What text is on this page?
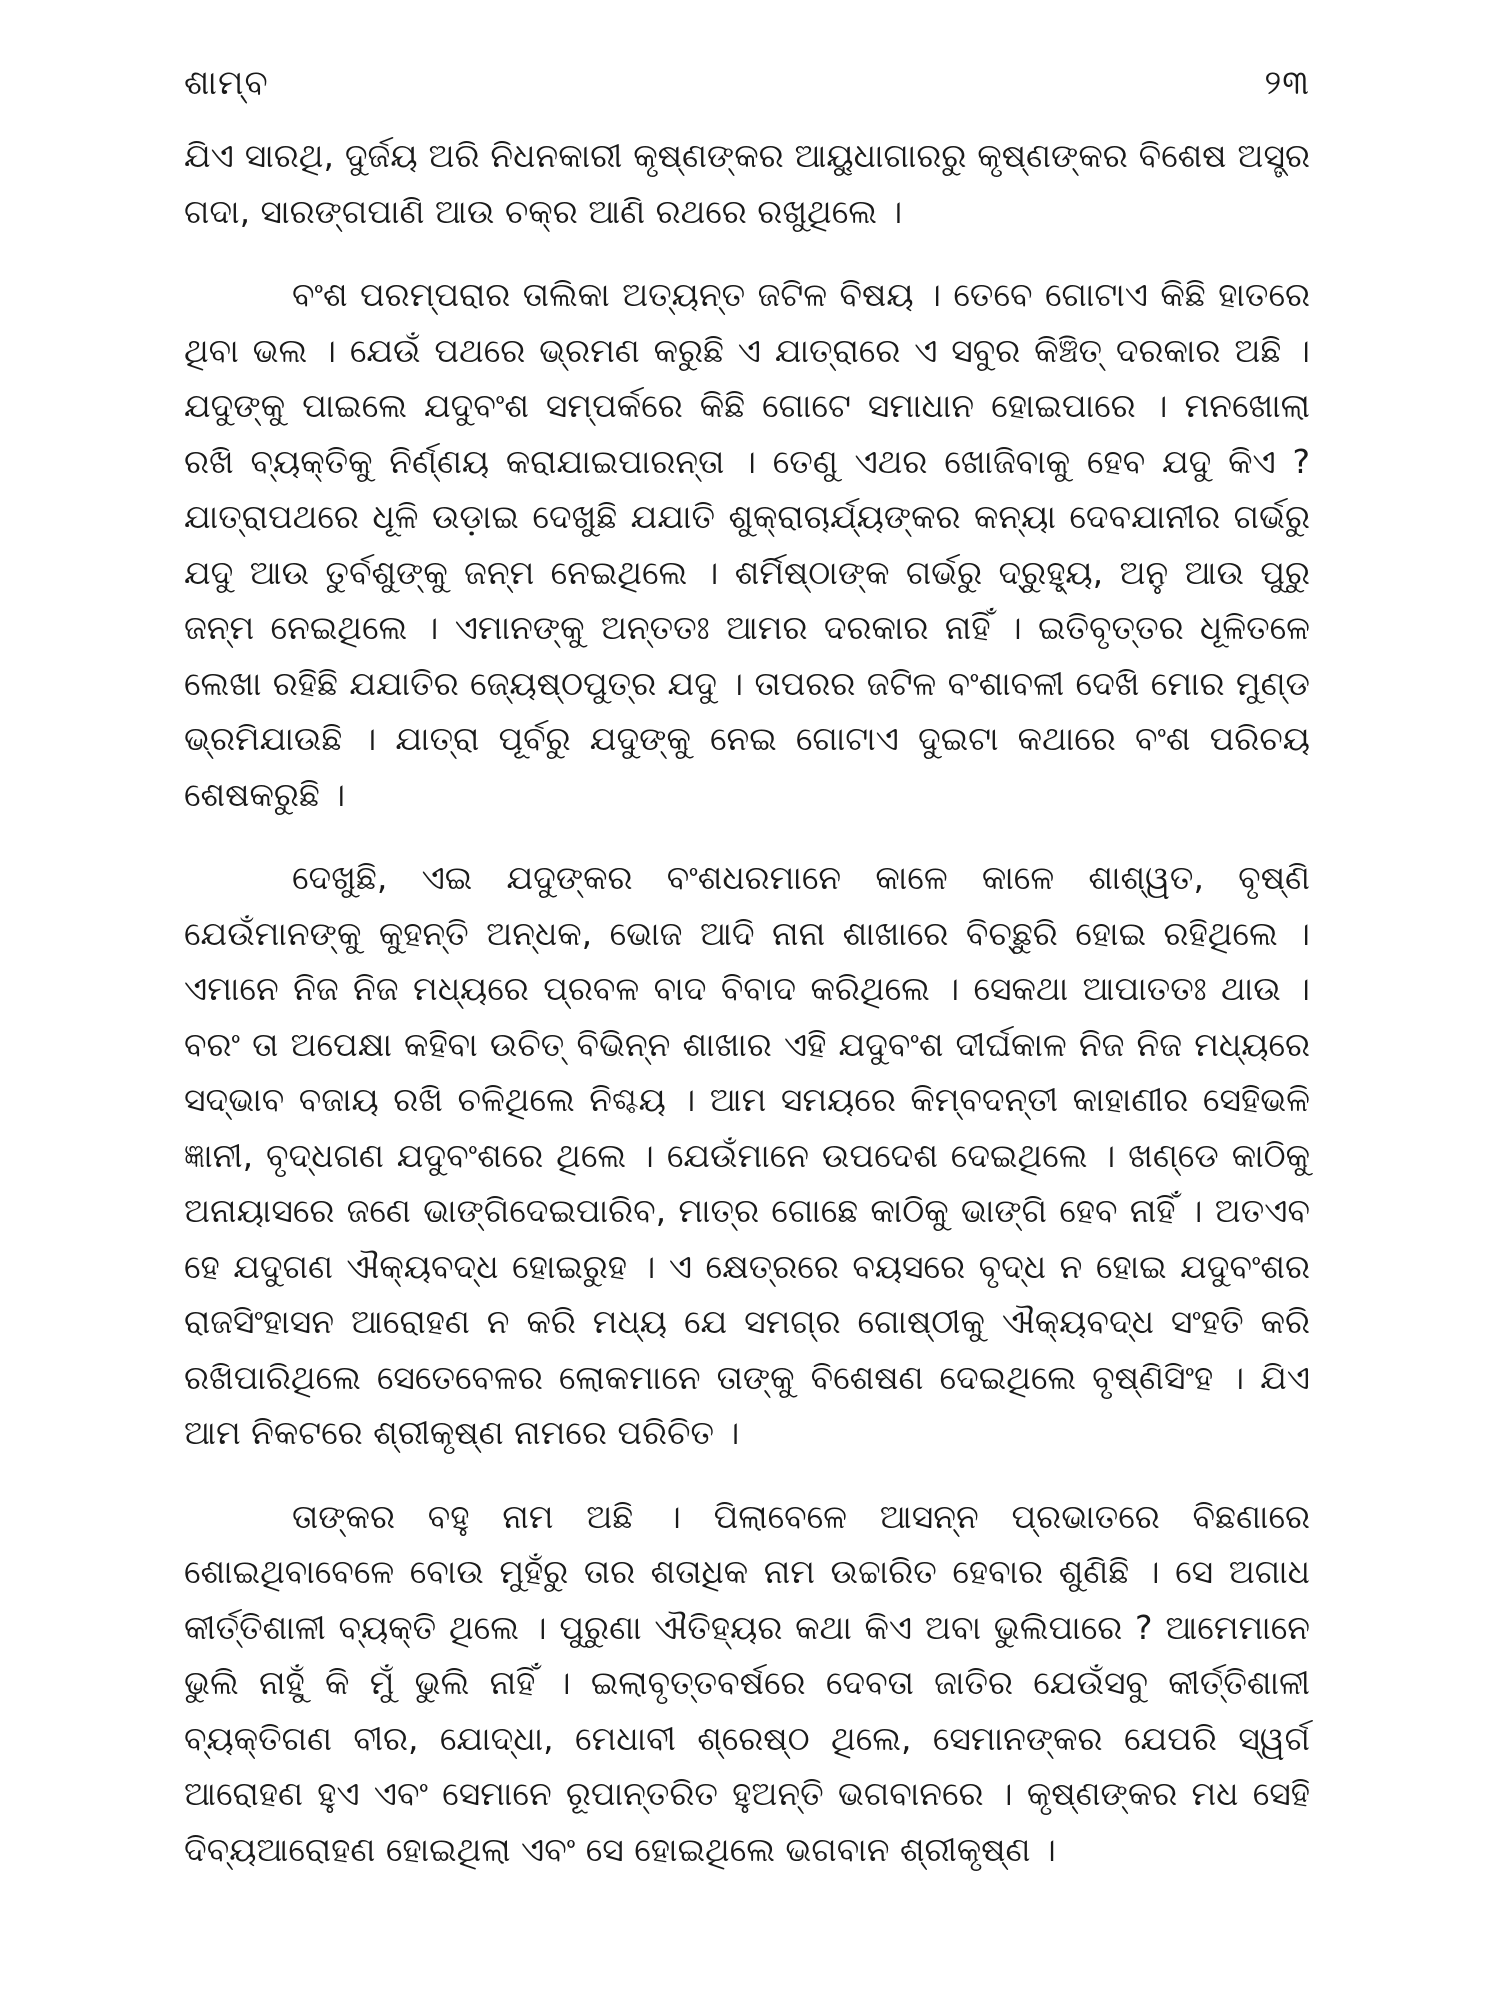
ଶାମ୍ବ	୨୩

ଯିଏ ସାରଥି, ଦୁର୍ଜୟ ଅରି ନିଧନକାରୀ କୃଷ୍ଣଙ୍କର ଆୟୁଧାଗାରରୁ କୃଷ୍ଣଙ୍କର ବିଶେଷ ଅସ୍ତ୍ର ଗଦା, ସାରଙ୍ଗପାଣି ଆଉ ଚକ୍ର ଆଣି ରଥରେ ରଖୁଥିଲେ ।

ବଂଶ ପରମ୍ପରାର ତାଲିକା ଅତ୍ୟନ୍ତ ଜଟିଳ ବିଷୟ । ତେବେ ଗୋଟାଏ କିଛି ହାତରେ ଥିବା ଭଲ । ଯେଉଁ ପଥରେ ଭ୍ରମଣ କରୁଛି ଏ ଯାତ୍ରାରେ ଏ ସବୁର କିଞ୍ଚିତ୍ ଦରକାର ଅଛି । ଯଦୁଙ୍କୁ ପାଇଲେ ଯଦୁବଂଶ ସମ୍ପର୍କରେ କିଛି ଗୋଟେ ସମାଧାନ ହୋଇପାରେ । ମନଖୋଲା ରଖି ବ୍ୟକ୍ତିକୁ ନିର୍ଣ୍ଣୟ କରାଯାଇପାରନ୍ତା । ତେଣୁ ଏଥର ଖୋଜିବାକୁ ହେବ ଯଦୁ କିଏ ? ଯାତ୍ରାପଥରେ ଧୂଳି ଉଡ଼ାଇ ଦେଖୁଛି ଯଯାତି ଶୁକ୍ରାଚାର୍ଯ୍ୟଙ୍କର କନ୍ୟା ଦେବଯାନୀର ଗର୍ଭରୁ ଯଦୁ ଆଉ ତୁର୍ବଶୁଙ୍କୁ ଜନ୍ମ ନେଇଥିଲେ । ଶର୍ମିଷ୍ଠାଙ୍କ ଗର୍ଭରୁ ଦ୍ରୁହ୍ୟୁ, ଅନୁ ଆଉ ପୁରୁ ଜନ୍ମ ନେଇଥିଲେ । ଏମାନଙ୍କୁ ଅନ୍ତତଃ ଆମର ଦରକାର ନାହିଁ । ଇତିବୃତ୍ତର ଧୂଳିତଳେ ଲେଖା ରହିଛି ଯଯାତିର ଜ୍ୟେଷ୍ଠପୁତ୍ର ଯଦୁ । ତାପରର ଜଟିଳ ବଂଶାବଳୀ ଦେଖି ମୋର ମୁଣ୍ଡ ଭ୍ରମିଯାଉଛି । ଯାତ୍ରା ପୂର୍ବରୁ ଯଦୁଙ୍କୁ ନେଇ ଗୋଟାଏ ଦୁଇଟା କଥାରେ ବଂଶ ପରିଚୟ ଶେଷକରୁଛି ।

ଦେଖୁଛି, ଏଇ ଯଦୁଙ୍କର ବଂଶଧରମାନେ କାଳେ କାଳେ ଶାଶ୍ୱତ, ବୃଷ୍ଣି ଯେଉଁମାନଙ୍କୁ କୁହନ୍ତି ଅନ୍ଧକ, ଭୋଜ ଆଦି ନାନା ଶାଖାରେ ବିଚ୍ଛୁରି ହୋଇ ରହିଥିଲେ । ଏମାନେ ନିଜ ନିଜ ମଧ୍ୟରେ ପ୍ରବଳ ବାଦ ବିବାଦ କରିଥିଲେ । ସେକଥା ଆପାତତଃ ଥାଉ । ବରଂ ତା ଅପେକ୍ଷା କହିବା ଉଚିତ୍ ବିଭିନ୍ନ ଶାଖାର ଏହି ଯଦୁବଂଶ ଦୀର୍ଘକାଳ ନିଜ ନିଜ ମଧ୍ୟରେ ସଦ୍‌ଭାବ ବଜାୟ ରଖି ଚଳିଥିଲେ ନିଶ୍ଚୟ । ଆମ ସମୟରେ କିମ୍ବଦନ୍ତୀ କାହାଣୀର ସେହିଭଳି ଜ୍ଞାନୀ, ବୃଦ୍ଧଗଣ ଯଦୁବଂଶରେ ଥିଲେ । ଯେଉଁମାନେ ଉପଦେଶ ଦେଇଥିଲେ । ଖଣ୍ଡେ କାଠିକୁ ଅନାୟାସରେ ଜଣେ ଭାଙ୍ଗିଦେଇପାରିବ, ମାତ୍ର ଗୋଛେ କାଠିକୁ ଭାଙ୍ଗି ହେବ ନାହିଁ । ଅତଏବ ହେ ଯଦୁଗଣ ଐକ୍ୟବଦ୍ଧ ହୋଇରୁହ । ଏ କ୍ଷେତ୍ରରେ ବୟସରେ ବୃଦ୍ଧ ନ ହୋଇ ଯଦୁବଂଶର ରାଜସିଂହାସନ ଆରୋହଣ ନ କରି ମଧ୍ୟ ଯେ ସମଗ୍ର ଗୋଷ୍ଠୀକୁ ଐକ୍ୟବଦ୍ଧ ସଂହତି କରି ରଖିପାରିଥିଲେ ସେତେବେଳର ଲୋକମାନେ ତାଙ୍କୁ ବିଶେଷଣ ଦେଇଥିଲେ ବୃଷ୍ଣିସିଂହ । ଯିଏ ଆମ ନିକଟରେ ଶ୍ରୀକୃଷ୍ଣ ନାମରେ ପରିଚିତ ।

ତାଙ୍କର ବହୁ ନାମ ଅଛି । ପିଲାବେଳେ ଆସନ୍ନ ପ୍ରଭାତରେ ବିଛଣାରେ ଶୋଇଥିବାବେଳେ ବୋଉ ମୁହଁରୁ ତାର ଶତାଧିକ ନାମ ଉଚ୍ଚାରିତ ହେବାର ଶୁଣିଛି । ସେ ଅଗାଧ କୀର୍ତ୍ତିଶାଳୀ ବ୍ୟକ୍ତି ଥିଲେ । ପୁରୁଣା ଐତିହ୍ୟର କଥା କିଏ ଅବା ଭୁଲିପାରେ ? ଆମେମାନେ ଭୁଲି ନାହୁଁ କି ମୁଁ ଭୁଲି ନାହିଁ । ଇଲାବୃତ୍ତବର୍ଷରେ ଦେବତା ଜାତିର ଯେଉଁସବୁ କୀର୍ତ୍ତିଶାଳୀ ବ୍ୟକ୍ତିଗଣ ବୀର, ଯୋଦ୍ଧା, ମେଧାବୀ ଶ୍ରେଷ୍ଠ ଥିଲେ, ସେମାନଙ୍କର ଯେପରି ସ୍ୱର୍ଗ ଆରୋହଣ ହୁଏ ଏବଂ ସେମାନେ ରୂପାନ୍ତରିତ ହୁଅନ୍ତି ଭଗବାନରେ । କୃଷ୍ଣଙ୍କର ମଧ ସେହି ଦିବ୍ୟଆରୋହଣ ହୋଇଥିଲା ଏବଂ ସେ ହୋଇଥିଲେ ଭଗବାନ ଶ୍ରୀକୃଷ୍ଣ ।
